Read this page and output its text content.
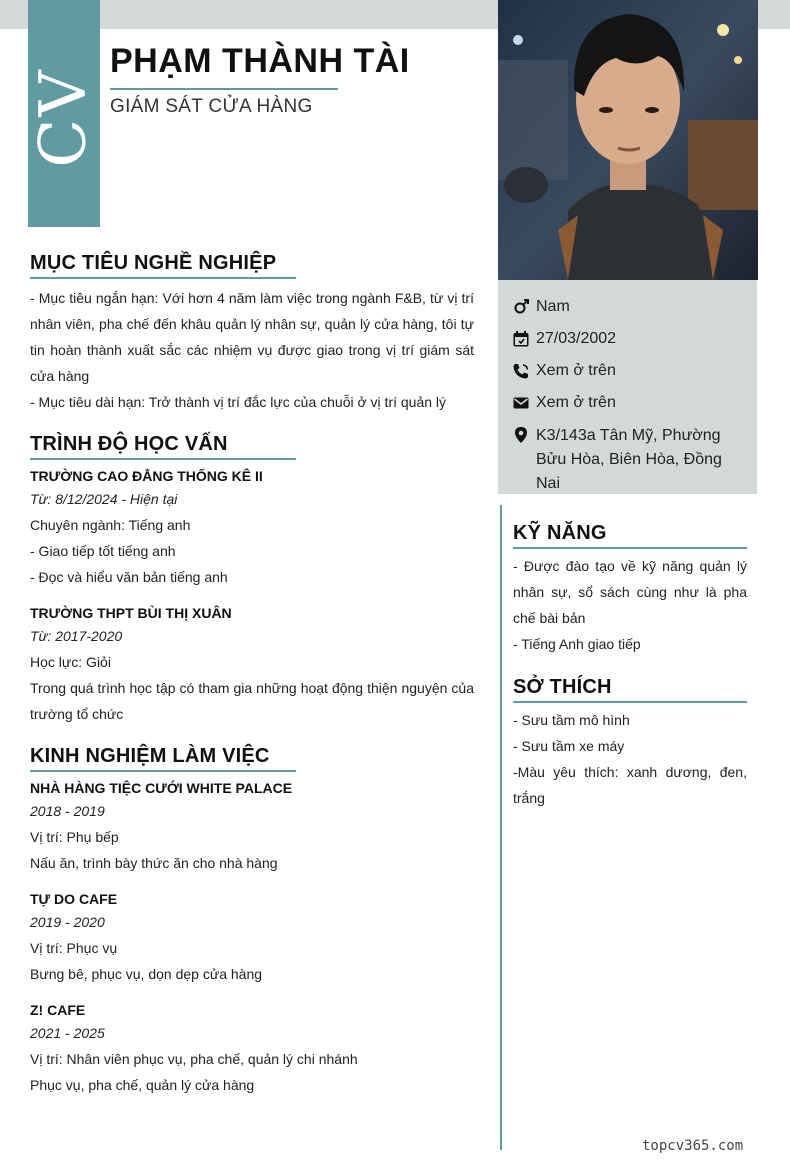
CV
PHẠM THÀNH TÀI
GIÁM SÁT CỬA HÀNG
Nam
27/03/2002
Xem ở trên
Xem ở trên
K3/143a Tân Mỹ, Phường
Bửu Hòa, Biên Hòa, Đồng Nai
MỤC TIÊU NGHỀ NGHIỆP
- Mục tiêu ngắn hạn: Với hơn 4 năm làm việc trong ngành F&B, từ vị trí nhân viên, pha chế đến khâu quản lý nhân sự, quản lý cửa hàng, tôi tự tin hoàn thành xuất sắc các nhiệm vụ được giao trong vị trí giám sát cửa hàng
- Mục tiêu dài hạn: Trở thành vị trí đắc lực của chuỗi ở vị trí quản lý
TRÌNH ĐỘ HỌC VẤN
TRƯỜNG CAO ĐẲNG THỐNG KÊ II
Từ: 8/12/2024 - Hiện tại
Chuyên ngành: Tiếng anh
- Giao tiếp tốt tiếng anh
- Đọc và hiểu văn bản tiếng anh
TRƯỜNG THPT BÙI THỊ XUÂN
Từ: 2017-2020
Học lực: Giỏi
Trong quá trình học tập có tham gia những hoạt động thiện nguyện của trường tổ chức
KINH NGHIỆM LÀM VIỆC
NHÀ HÀNG TIỆC CƯỚI WHITE PALACE
2018 - 2019
Vị trí: Phụ bếp
Nấu ăn, trình bày thức ăn cho nhà hàng
TỰ DO CAFE
2019 - 2020
Vị trí: Phục vụ
Bưng bê, phục vụ, dọn dẹp cửa hàng
Z! CAFE
2021 - 2025
Vị trí: Nhân viên phục vụ, pha chế, quản lý chi nhánh
Phục vụ, pha chế, quản lý cửa hàng
KỸ NĂNG
- Được đào tạo về kỹ năng quản lý nhân sự, sổ sách cùng như là pha chế bài bản
- Tiếng Anh giao tiếp
SỞ THÍCH
- Sưu tầm mô hình
- Sưu tầm xe máy
-Màu yêu thích: xanh dương, đen, trắng
topcv365.com
